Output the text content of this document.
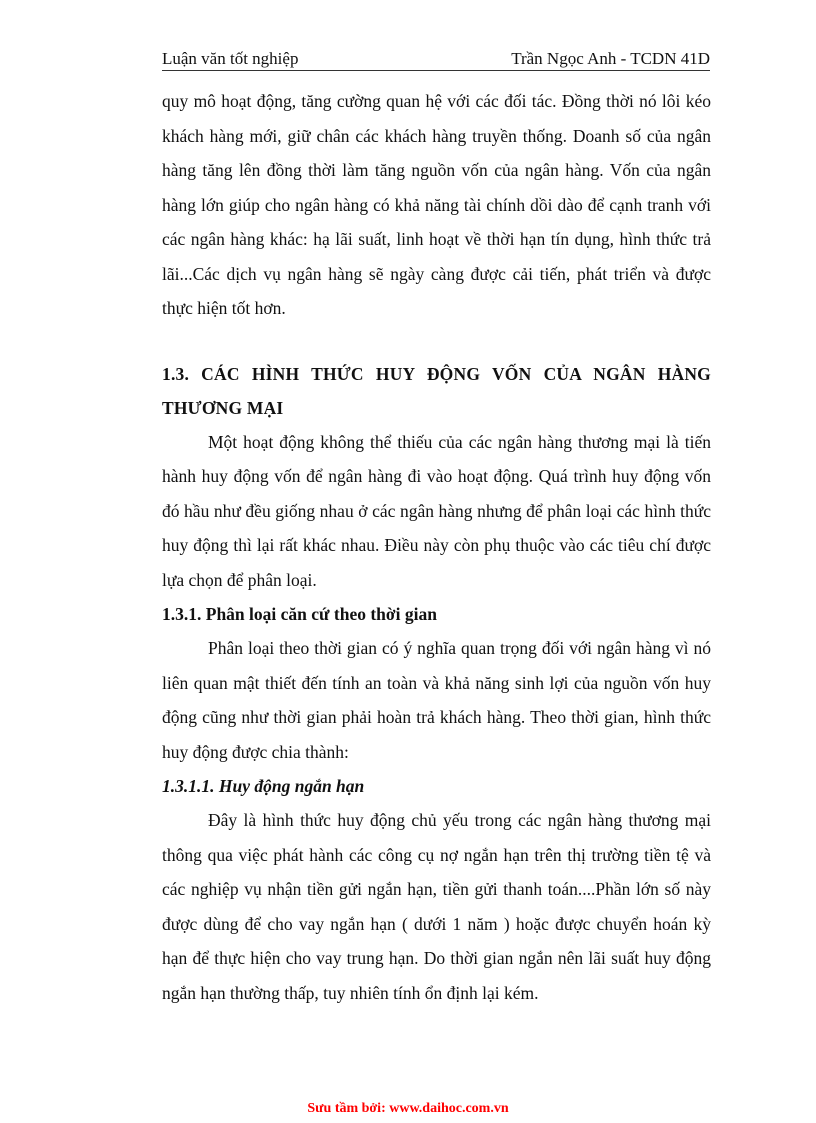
Luận văn tốt nghiệp	Trần Ngọc Anh - TCDN 41D

quy mô hoạt động, tăng cường quan hệ với các đối tác. Đồng thời nó lôi kéo khách hàng mới, giữ chân các khách hàng truyền thống. Doanh số của ngân hàng tăng lên đồng thời làm tăng nguồn vốn của ngân hàng. Vốn của ngân hàng lớn giúp cho ngân hàng có khả năng tài chính dồi dào để cạnh tranh với các ngân hàng khác: hạ lãi suất, linh hoạt về thời hạn tín dụng, hình thức trả lãi...Các dịch vụ ngân hàng sẽ ngày càng được cải tiến, phát triển và được thực hiện tốt hơn.

1.3. CÁC HÌNH THỨC HUY ĐỘNG VỐN CỦA NGÂN HÀNG THƯƠNG MẠI

Một hoạt động không thể thiếu của các ngân hàng thương mại là tiến hành huy động vốn để ngân hàng đi vào hoạt động. Quá trình huy động vốn đó hầu như đều giống nhau ở các ngân hàng nhưng để phân loại các hình thức huy động thì lại rất khác nhau. Điều này còn phụ thuộc vào các tiêu chí được lựa chọn để phân loại.

1.3.1. Phân loại căn cứ theo thời gian

Phân loại theo thời gian có ý nghĩa quan trọng đối với ngân hàng vì nó liên quan mật thiết đến tính an toàn và khả năng sinh lợi của nguồn vốn huy động cũng như thời gian phải hoàn trả khách hàng. Theo thời gian, hình thức huy động được chia thành:

1.3.1.1. Huy động ngắn hạn

Đây là hình thức huy động chủ yếu trong các ngân hàng thương mại thông qua việc phát hành các công cụ nợ ngắn hạn trên thị trường tiền tệ và các nghiệp vụ nhận tiền gửi ngắn hạn, tiền gửi thanh toán....Phần lớn số này được dùng để cho vay ngắn hạn ( dưới 1 năm ) hoặc được chuyển hoán kỳ hạn để thực hiện cho vay trung hạn. Do thời gian ngắn nên lãi suất huy động ngắn hạn thường thấp, tuy nhiên tính ổn định lại kém.

Sưu tầm bởi: www.daihoc.com.vn
